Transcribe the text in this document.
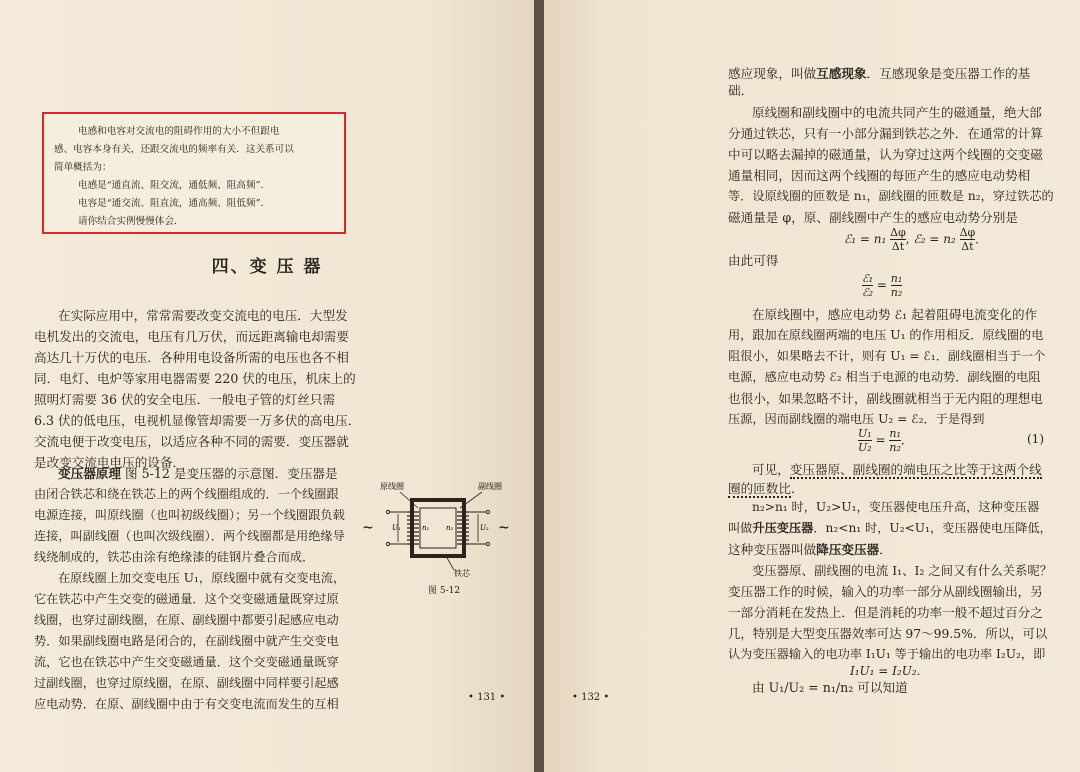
电感和电容对交流电的阻碍作用的大小不但跟电

感、电容本身有关，还跟交流电的频率有关．这关系可以

简单概括为：

电感是“通直流、阻交流，通低频、阻高频”．

电容是“通交流、阻直流，通高频、阻低频”．

请你结合实例慢慢体会．

四、变 压 器
在实际应用中，常常需要改变交流电的电压．大型发
电机发出的交流电，电压有几万伏，而远距离输电却需要
高达几十万伏的电压．各种用电设备所需的电压也各不相
同．电灯、电炉等家用电器需要 220 伏的电压，机床上的
照明灯需要 36 伏的安全电压．一般电子管的灯丝只需
6.3 伏的低电压，电视机显像管却需要一万多伏的高电压．
交流电便于改变电压，以适应各种不同的需要．变压器就
是改变交流电电压的设备．
变压器原理 图 5-12 是变压器的示意图．变压器是
由闭合铁芯和绕在铁芯上的两个线圈组成的．一个线圈跟
电源连接，叫原线圈（也叫初级线圈）；另一个线圈跟负载
连接，叫副线圈（也叫次级线圈）．两个线圈都是用绝缘导
线绕制成的，铁芯由涂有绝缘漆的硅钢片叠合而成．
在原线圈上加交变电压 U₁，原线圈中就有交变电流，
它在铁芯中产生交变的磁通量．这个交变磁通量既穿过原
线圈，也穿过副线圈，在原、副线圈中都要引起感应电动
势．如果副线圈电路是闭合的，在副线圈中就产生交变电
流，它也在铁芯中产生交变磁通量．这个交变磁通量既穿
过副线圈，也穿过原线圈，在原、副线圈中同样要引起感
应电动势．在原、副线圈中由于有交变电流而发生的互相
原线圈	副线圈
~	~
U₁	U₂
n₁ n₂
铁芯
图 5-12
• 131 •
感应现象，叫做互感现象．互感现象是变压器工作的基
础．
原线圈和副线圈中的电流共同产生的磁通量，绝大部
分通过铁芯，只有一小部分漏到铁芯之外．在通常的计算
中可以略去漏掉的磁通量，认为穿过这两个线圈的交变磁
通量相同，因而这两个线圈的每匝产生的感应电动势相
等．设原线圈的匝数是 n₁，副线圈的匝数是 n₂，穿过铁芯的
磁通量是 φ，原、副线圈中产生的感应电动势分别是
ℰ₁ = $n_1 \frac{\Delta\varphi}{\Delta t}$ , ℰ₂ = $n_2 \frac{\Delta\varphi}{\Delta t}$ ．
由此可得
$\frac{\text{ℰ₁}}{\text{ℰ₂}} = \frac{\text{n₁}}{\text{n₂}}$
在原线圈中，感应电动势 ℰ₁ 起着阻碍电流变化的作
用，跟加在原线圈两端的电压 U₁ 的作用相反．原线圈的电
阻很小，如果略去不计，则有 U₁ = ℰ₁．副线圈相当于一个
电源，感应电动势 ℰ₂ 相当于电源的电动势．副线圈的电阻
也很小，如果忽略不计，副线圈就相当于无内阻的理想电
压源，因而副线圈的端电压 U₂ = ℰ₂．于是得到
$\frac{\text{U₁}}{\text{U₂}} = \frac{\text{n₁}}{\text{n₂}}$ ．	(1)
可见，变压器原、副线圈的端电压之比等于这两个线
圈的匝数比．
n₂>n₁ 时，U₂>U₁，变压器使电压升高，这种变压器
叫做升压变压器．n₂<n₁ 时，U₂<U₁，变压器使电压降低，
这种变压器叫做降压变压器．
变压器原、副线圈的电流 I₁、I₂ 之间又有什么关系呢？
变压器工作的时候，输入的功率一部分从副线圈输出，另
一部分消耗在发热上．但是消耗的功率一般不超过百分之
几，特别是大型变压器效率可达 97～99.5%．所以，可以
认为变压器输入的电功率 I₁U₁ 等于输出的电功率 I₂U₂，即
I₁U₁ = I₂U₂.
由 U₁/U₂ = n₁/n₂ 可以知道
• 132 •
